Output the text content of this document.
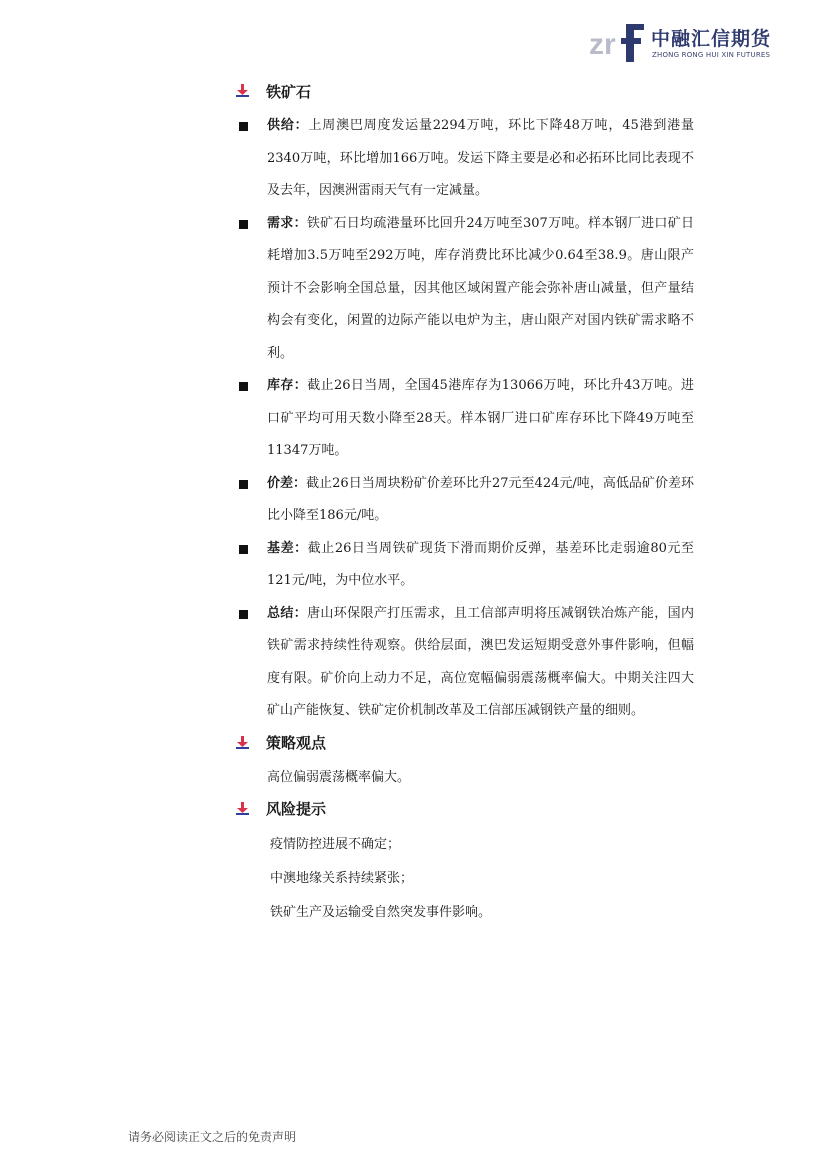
zr 中融汇信期货
ZHONG RONG HUI XIN FUTURES
铁矿石
供给：上周澳巴周度发运量2294万吨，环比下降48万吨，45港到港量2340万吨，环比增加166万吨。发运下降主要是必和必拓环比同比表现不及去年，因澳洲雷雨天气有一定减量。
需求：铁矿石日均疏港量环比回升24万吨至307万吨。样本钢厂进口矿日耗增加3.5万吨至292万吨，库存消费比环比减少0.64至38.9。唐山限产预计不会影响全国总量，因其他区域闲置产能会弥补唐山减量，但产量结构会有变化，闲置的边际产能以电炉为主，唐山限产对国内铁矿需求略不利。
库存：截止26日当周，全国45港库存为13066万吨，环比升43万吨。进口矿平均可用天数小降至28天。样本钢厂进口矿库存环比下降49万吨至11347万吨。
价差：截止26日当周块粉矿价差环比升27元至424元/吨，高低品矿价差环比小降至186元/吨。
基差：截止26日当周铁矿现货下滑而期价反弹，基差环比走弱逾80元至121元/吨，为中位水平。
总结：唐山环保限产打压需求，且工信部声明将压减钢铁冶炼产能，国内铁矿需求持续性待观察。供给层面，澳巴发运短期受意外事件影响，但幅度有限。矿价向上动力不足，高位宽幅偏弱震荡概率偏大。中期关注四大矿山产能恢复、铁矿定价机制改革及工信部压减钢铁产量的细则。
策略观点
高位偏弱震荡概率偏大。
风险提示
疫情防控进展不确定；
中澳地缘关系持续紧张；
铁矿生产及运输受自然突发事件影响。
请务必阅读正文之后的免责声明
